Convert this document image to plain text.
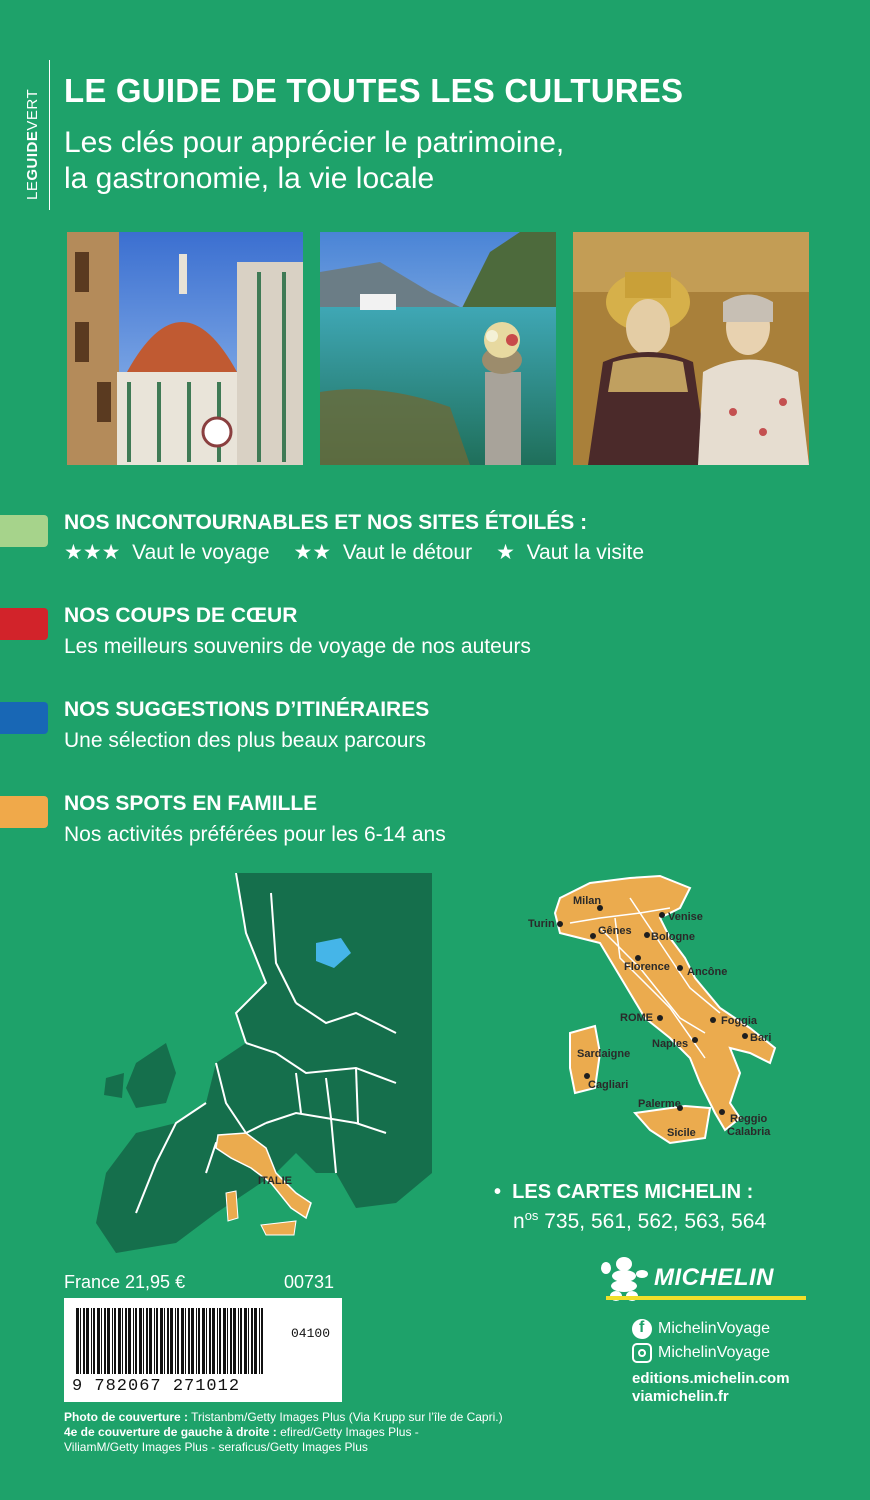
LEGUIDEVERT LE GUIDE DE TOUTES LES CULTURES
Les clés pour apprécier le patrimoine,
la gastronomie, la vie locale
NOS INCONTOURNABLES ET NOS SITES ÉTOILÉS :
★★★ Vaut le voyage ★★ Vaut le détour ★ Vaut la visite
NOS COUPS DE CŒUR
Les meilleurs souvenirs de voyage de nos auteurs
NOS SUGGESTIONS D’ITINÉRAIRES
Une sélection des plus beaux parcours
NOS SPOTS EN FAMILLE
Nos activités préférées pour les 6-14 ans
ITALIE
Milan
Turin
Venise
Gênes Bologne
Florence Ancône
ROME	Foggia
Sardaigne
Naples	Bari
Cagliari
Palerme
Reggio
Calabria
Sicile
• LES CARTES MICHELIN :
$n^{os}$ 735, 561, 562, 563, 564
France 21,95 €	00731
04100
9 782067 271012
MICHELIN
f
MichelinVoyage
MichelinVoyage
editions.michelin.com
viamichelin.fr
Photo de couverture : Tristanbm/Getty Images Plus (Via Krupp sur l’île de Capri.)
4e de couverture de gauche à droite : efired/Getty Images Plus -
ViliamM/Getty Images Plus - seraficus/Getty Images Plus
